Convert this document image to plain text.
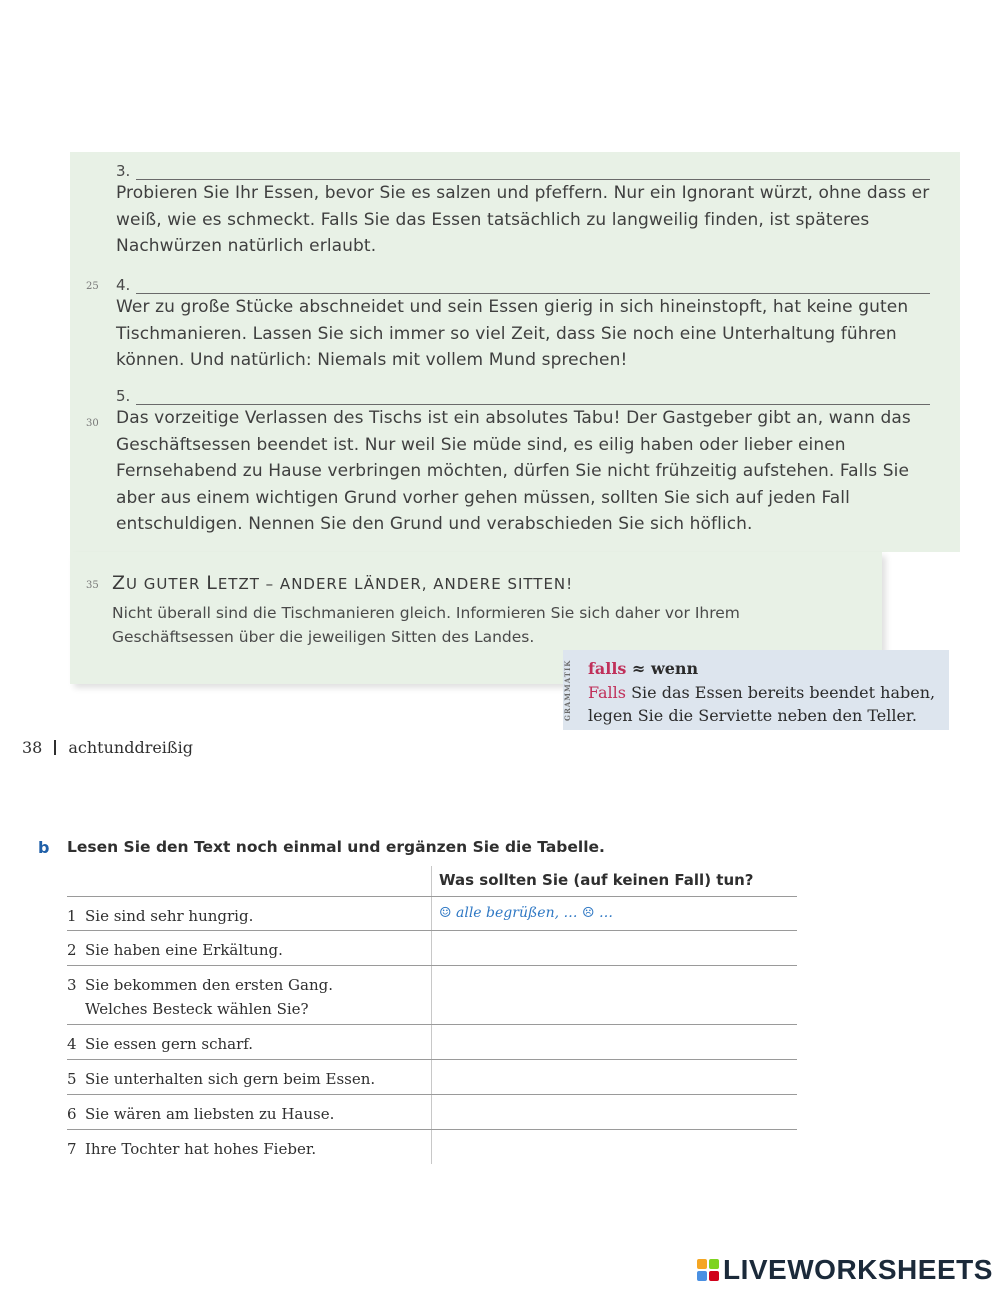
3.

Probieren Sie Ihr Essen, bevor Sie es salzen und pfeffern. Nur ein Ignorant würzt, ohne dass er weiß, wie es schmeckt. Falls Sie das Essen tatsächlich zu langweilig finden, ist späteres Nachwürzen natürlich erlaubt.

25 4.

Wer zu große Stücke abschneidet und sein Essen gierig in sich hineinstopft, hat keine guten Tischmanieren. Lassen Sie sich immer so viel Zeit, dass Sie noch eine Unterhaltung führen können. Und natürlich: Niemals mit vollem Mund sprechen!

30
5.

Das vorzeitige Verlassen des Tischs ist ein absolutes Tabu! Der Gastgeber gibt an, wann das Geschäftsessen beendet ist. Nur weil Sie müde sind, es eilig haben oder lieber einen Fernsehabend zu Hause verbringen möchten, dürfen Sie nicht frühzeitig aufstehen. Falls Sie aber aus einem wichtigen Grund vorher gehen müssen, sollten Sie sich auf jeden Fall entschuldigen. Nennen Sie den Grund und verabschieden Sie sich höflich.

35 ZU GUTER LETZT – ANDERE LÄNDER, ANDERE SITTEN!

Nicht überall sind die Tischmanieren gleich. Informieren Sie sich daher vor Ihrem Geschäftsessen über die jeweiligen Sitten des Landes.

GRAMMATIK falls ≈ wenn
Falls Sie das Essen bereits beendet haben, legen Sie die Serviette neben den Teller.
38 achtunddreißig
b Lesen Sie den Text noch einmal und ergänzen Sie die Tabelle.
Was sollten Sie (auf keinen Fall) tun?
1 Sie sind sehr hungrig.	☺ alle begrüßen, … ☹ …
2 Sie haben eine Erkältung.
3 Sie bekommen den ersten Gang.
Welches Besteck wählen Sie?
4 Sie essen gern scharf.
5 Sie unterhalten sich gern beim Essen.
6 Sie wären am liebsten zu Hause.
7 Ihre Tochter hat hohes Fieber.
LIVEWORKSHEETS
